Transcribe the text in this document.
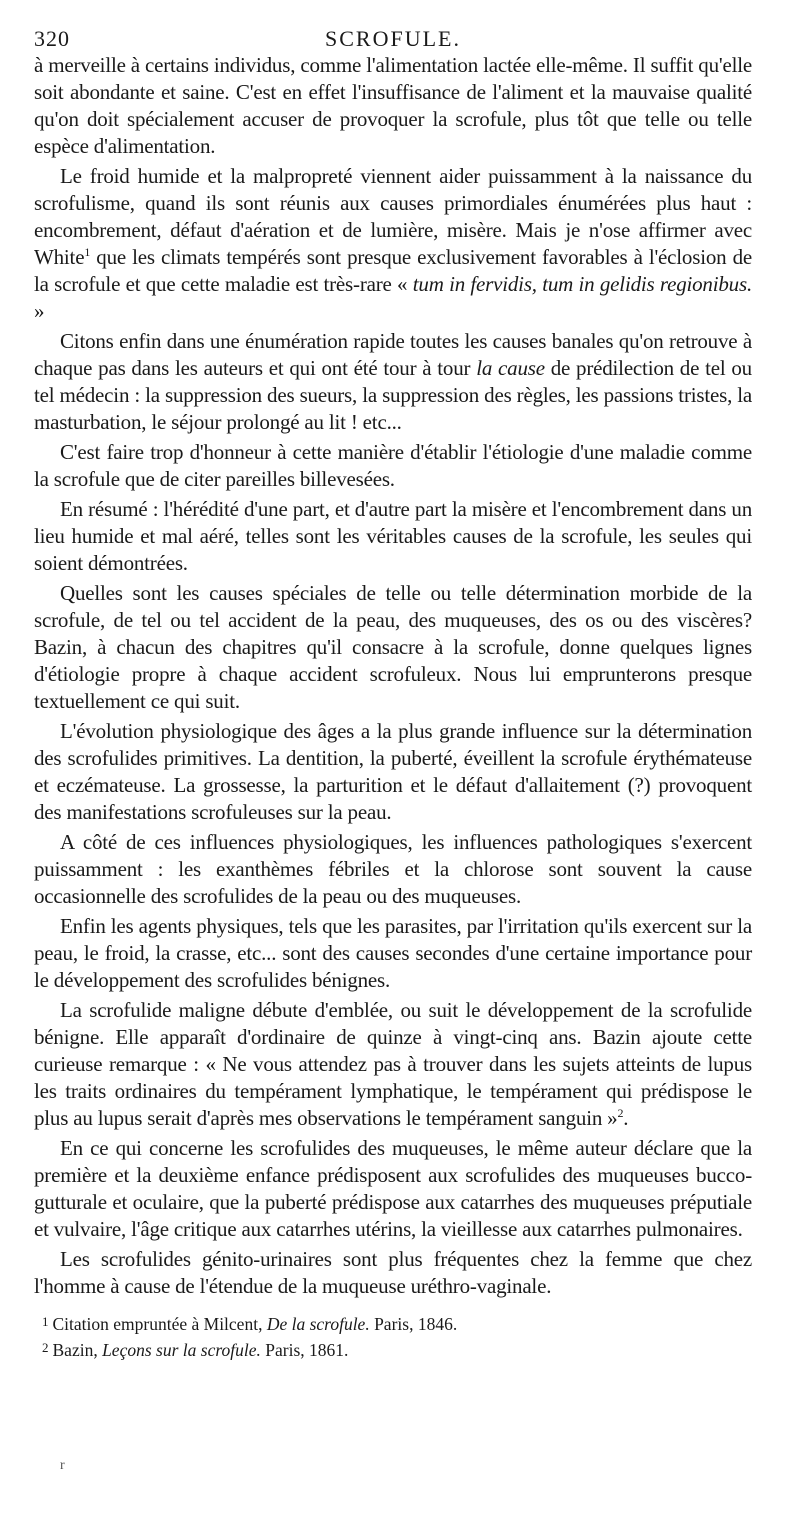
320	SCROFULE.

à merveille à certains individus, comme l'alimentation lactée elle-même. Il suffit qu'elle soit abondante et saine. C'est en effet l'insuffisance de l'aliment et la mauvaise qualité qu'on doit spécialement accuser de provoquer la scrofule, plus tôt que telle ou telle espèce d'alimentation.

Le froid humide et la malpropreté viennent aider puissamment à la naissance du scrofulisme, quand ils sont réunis aux causes primordiales énumérées plus haut : encombrement, défaut d'aération et de lumière, misère. Mais je n'ose affirmer avec White$^1$ que les climats tempérés sont presque exclusivement favorables à l'éclosion de la scrofule et que cette maladie est très-rare « tum in fervidis, tum in gelidis regionibus. »

Citons enfin dans une énumération rapide toutes les causes banales qu'on retrouve à chaque pas dans les auteurs et qui ont été tour à tour la cause de prédilection de tel ou tel médecin : la suppression des sueurs, la suppression des règles, les passions tristes, la masturbation, le séjour prolongé au lit ! etc...

C'est faire trop d'honneur à cette manière d'établir l'étiologie d'une maladie comme la scrofule que de citer pareilles billevesées.

En résumé : l'hérédité d'une part, et d'autre part la misère et l'encombrement dans un lieu humide et mal aéré, telles sont les véritables causes de la scrofule, les seules qui soient démontrées.

Quelles sont les causes spéciales de telle ou telle détermination morbide de la scrofule, de tel ou tel accident de la peau, des muqueuses, des os ou des viscères? Bazin, à chacun des chapitres qu'il consacre à la scrofule, donne quelques lignes d'étiologie propre à chaque accident scrofuleux. Nous lui emprunterons presque textuellement ce qui suit.

L'évolution physiologique des âges a la plus grande influence sur la détermination des scrofulides primitives. La dentition, la puberté, éveillent la scrofule érythémateuse et eczémateuse. La grossesse, la parturition et le défaut d'allaitement (?) provoquent des manifestations scrofuleuses sur la peau.

A côté de ces influences physiologiques, les influences pathologiques s'exercent puissamment : les exanthèmes fébriles et la chlorose sont souvent la cause occasionnelle des scrofulides de la peau ou des muqueuses.

Enfin les agents physiques, tels que les parasites, par l'irritation qu'ils exercent sur la peau, le froid, la crasse, etc... sont des causes secondes d'une certaine importance pour le développement des scrofulides bénignes.

La scrofulide maligne débute d'emblée, ou suit le développement de la scrofulide bénigne. Elle apparaît d'ordinaire de quinze à vingt-cinq ans. Bazin ajoute cette curieuse remarque : « Ne vous attendez pas à trouver dans les sujets atteints de lupus les traits ordinaires du tempérament lymphatique, le tempérament qui prédispose le plus au lupus serait d'après mes observations le tempérament sanguin »$^2$.

En ce qui concerne les scrofulides des muqueuses, le même auteur déclare que la première et la deuxième enfance prédisposent aux scrofulides des muqueuses bucco-gutturale et oculaire, que la puberté prédispose aux catarrhes des muqueuses préputiale et vulvaire, l'âge critique aux catarrhes utérins, la vieillesse aux catarrhes pulmonaires.

Les scrofulides génito-urinaires sont plus fréquentes chez la femme que chez l'homme à cause de l'étendue de la muqueuse uréthro-vaginale.

$^1$ Citation empruntée à Milcent, De la scrofule. Paris, 1846.

$^2$ Bazin, Leçons sur la scrofule. Paris, 1861.

r
